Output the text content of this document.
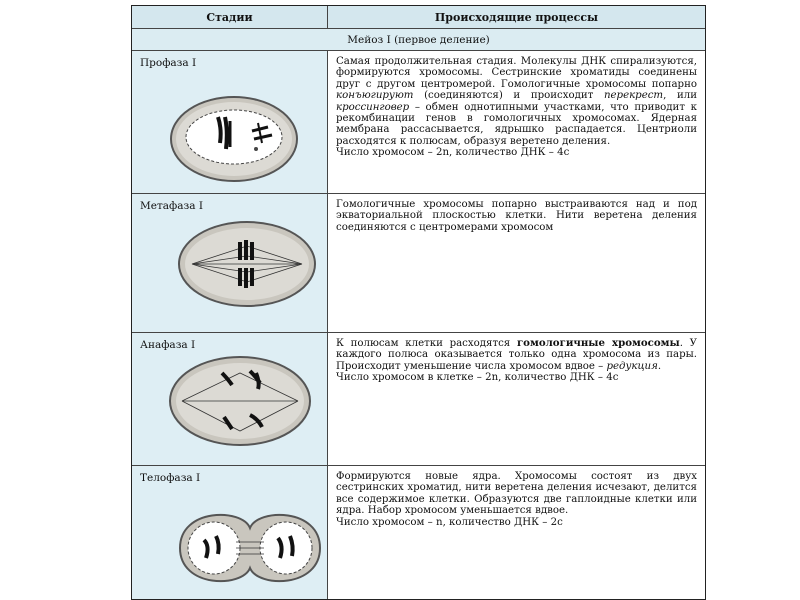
Стадии	Происходящие процессы
Мейоз I (первое деление)
Профаза I	Самая продолжительная стадия. Молекулы ДНК спирализуются, формируются хромосомы. Сестринские хроматиды соединены друг с другом центромерой. Гомологичные хромосомы попарно конъюгируют (соединяются) и происходит перекрест, или кроссинговер – обмен однотипными участками, что приводит к рекомбинации генов в гомологичных хромосомах. Ядерная мембрана рассасывается, ядрышко распадается. Центриоли расходятся к полюсам, образуя веретено деления.
Число хромосом – 2n, количество ДНК – 4с
Метафаза I	Гомологичные хромосомы попарно выстраиваются над и под экваториальной плоскостью клетки. Нити веретена деления соединяются с центромерами хромосом
Анафаза I	К полюсам клетки расходятся гомологичные хромосомы. У каждого полюса оказывается только одна хромосома из пары. Происходит уменьшение числа хромосом вдвое – редукция.
Число хромосом в клетке – 2n, количество ДНК – 4с
Телофаза I	Формируются новые ядра. Хромосомы состоят из двух сестринских хроматид, нити веретена деления исчезают, делится все содержимое клетки. Образуются две гаплоидные клетки или ядра. Набор хромосом уменьшается вдвое.
Число хромосом – n, количество ДНК – 2с
